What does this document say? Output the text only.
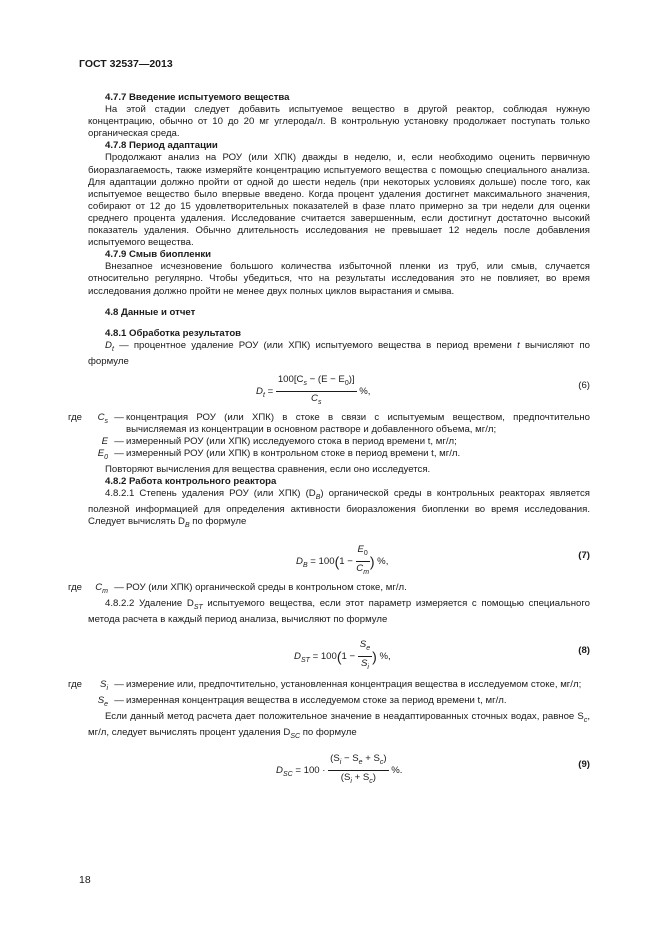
ГОСТ 32537—2013

4.7.7 Введение испытуемого вещества

На этой стадии следует добавить испытуемое вещество в другой реактор, соблюдая нужную концентрацию, обычно от 10 до 20 мг углерода/л. В контрольную установку продолжает поступать только органическая среда.

4.7.8 Период адаптации

Продолжают анализ на РОУ (или ХПК) дважды в неделю, и, если необходимо оценить первичную биоразлагаемость, также измеряйте концентрацию испытуемого вещества с помощью специального анализа. Для адаптации должно пройти от одной до шести недель (при некоторых условиях дольше) после того, как испытуемое вещество было впервые введено. Когда процент удаления достигнет максимального значения, собирают от 12 до 15 удовлетворительных показателей в фазе плато примерно за три недели для оценки среднего процента удаления. Исследование считается завершенным, если достигнут достаточно высокий показатель удаления. Обычно длительность исследования не превышает 12 недель после добавления испытуемого вещества.

4.7.9 Смыв биопленки

Внезапное исчезновение большого количества избыточной пленки из труб, или смыв, случается относительно регулярно. Чтобы убедиться, что на результаты исследования это не повлияет, во время исследования должно пройти не менее двух полных циклов вырастания и смыва.

4.8 Данные и отчет

4.8.1 Обработка результатов

$D_t$ — процентное удаление РОУ (или ХПК) испытуемого вещества в период времени t вычисляют по формуле

$D_t = \frac{100[C_s - (E - E_0)]}{C_s}$ %,
(6)
где	$C_s$ — концентрация РОУ (или ХПК) в стоке в связи с испытуемым веществом, предпочтительно вычисляемая из концентрации в основном растворе и добавленного объема, мг/л;
E — измеренный РОУ (или ХПК) исследуемого стока в период времени t, мг/л;
$E_0$ — измеренный РОУ (или ХПК) в контрольном стоке в период времени t, мг/л.

Повторяют вычисления для вещества сравнения, если оно исследуется.

4.8.2 Работа контрольного реактора

4.8.2.1 Степень удаления РОУ (или ХПК) $(D_B)$ органической среды в контрольных реакторах является полезной информацией для определения активности биоразложения биопленки во время исследования. Следует вычислять $D_B$ по формуле

$D_B = 100(1 - \frac{E_0}{C_m}$ ) %,
(7)
где	$C_m$ — РОУ (или ХПК) органической среды в контрольном стоке, мг/л.

4.8.2.2 Удаление $D_{ST}$ испытуемого вещества, если этот параметр измеряется с помощью специального метода расчета в каждый период анализа, вычисляют по формуле

$D_{ST} = 100(1 - \frac{S_e}{S_i}$ ) %,
(8)
где	$S_i$ — измерение или, предпочтительно, установленная концентрация вещества в исследуемом стоке, мг/л;
$S_e$ — измеренная концентрация вещества в исследуемом стоке за период времени t, мг/л.

Если данный метод расчета дает положительное значение в неадаптированных сточных водах, равное $S_c$, мг/л, следует вычислять процент удаления $D_{SC}$ по формуле

$D_{SC} = 100 \cdot \frac{(S_i - S_e + S_c)}{(S_i + S_c)}$ %.
(9)
18
